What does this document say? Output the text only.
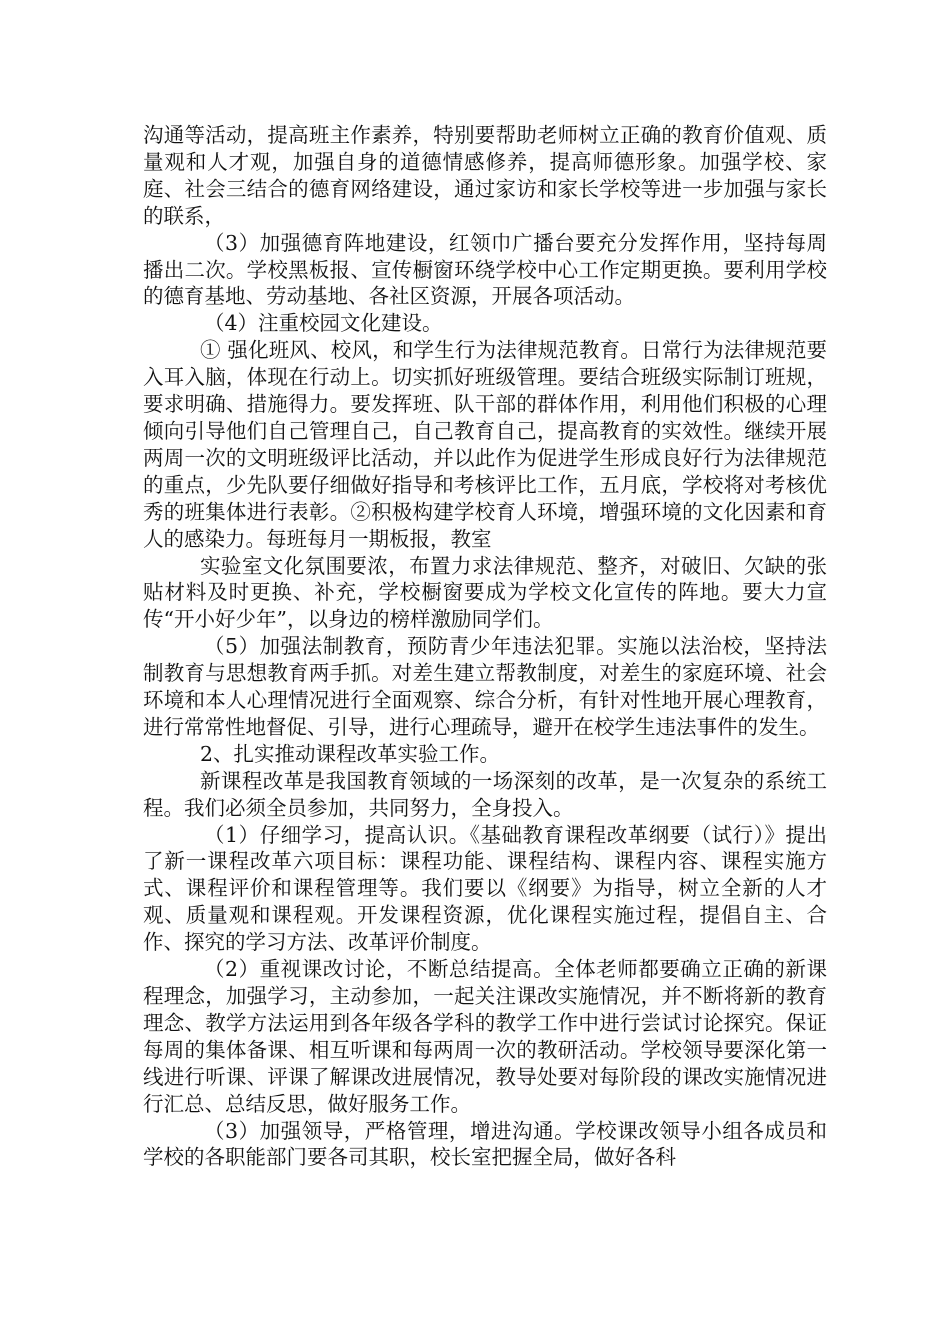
沟通等活动，提高班主作素养，特别要帮助老师树立正确的教育价值观、质量观和人才观，加强自身的道德情感修养，提高师德形象。加强学校、家庭、社会三结合的德育网络建设，通过家访和家长学校等进一步加强与家长的联系，

（3）加强德育阵地建设，红领巾广播台要充分发挥作用，坚持每周播出二次。学校黑板报、宣传橱窗环绕学校中心工作定期更换。要利用学校的德育基地、劳动基地、各社区资源，开展各项活动。

（4）注重校园文化建设。

① 强化班风、校风，和学生行为法律规范教育。日常行为法律规范要入耳入脑，体现在行动上。切实抓好班级管理。要结合班级实际制订班规，要求明确、措施得力。要发挥班、队干部的群体作用，利用他们积极的心理倾向引导他们自己管理自己，自己教育自己，提高教育的实效性。继续开展两周一次的文明班级评比活动，并以此作为促进学生形成良好行为法律规范的重点，少先队要仔细做好指导和考核评比工作，五月底，学校将对考核优秀的班集体进行表彰。②积极构建学校育人环境，增强环境的文化因素和育人的感染力。每班每月一期板报，教室

实验室文化氛围要浓，布置力求法律规范、整齐，对破旧、欠缺的张贴材料及时更换、补充，学校橱窗要成为学校文化宣传的阵地。要大力宣传“开小好少年”，以身边的榜样激励同学们。

（5）加强法制教育，预防青少年违法犯罪。实施以法治校，坚持法制教育与思想教育两手抓。对差生建立帮教制度，对差生的家庭环境、社会环境和本人心理情况进行全面观察、综合分析，有针对性地开展心理教育，进行常常性地督促、引导，进行心理疏导，避开在校学生违法事件的发生。

2、扎实推动课程改革实验工作。

新课程改革是我国教育领域的一场深刻的改革，是一次复杂的系统工程。我们必须全员参加，共同努力，全身投入。

（1）仔细学习，提高认识。《基础教育课程改革纲要（试行）》提出了新一课程改革六项目标：课程功能、课程结构、课程内容、课程实施方式、课程评价和课程管理等。我们要以《纲要》为指导，树立全新的人才观、质量观和课程观。开发课程资源，优化课程实施过程，提倡自主、合作、探究的学习方法、改革评价制度。

（2）重视课改讨论，不断总结提高。全体老师都要确立正确的新课程理念，加强学习，主动参加，一起关注课改实施情况，并不断将新的教育理念、教学方法运用到各年级各学科的教学工作中进行尝试讨论探究。保证每周的集体备课、相互听课和每两周一次的教研活动。学校领导要深化第一线进行听课、评课了解课改进展情况，教导处要对每阶段的课改实施情况进行汇总、总结反思，做好服务工作。

（3）加强领导，严格管理，增进沟通。学校课改领导小组各成员和学校的各职能部门要各司其职，校长室把握全局，做好各科
